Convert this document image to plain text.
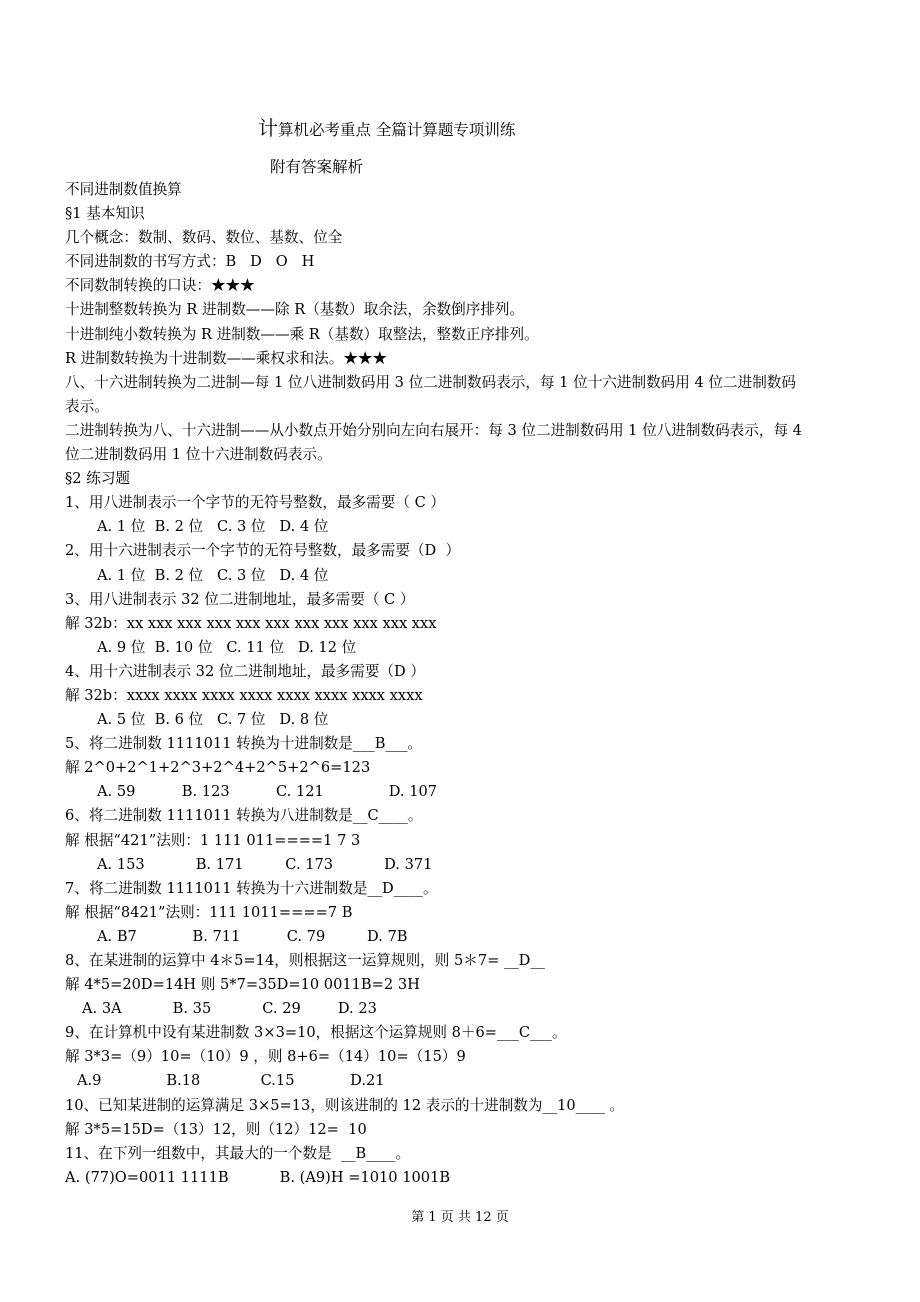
计算机必考重点 全篇计算题专项训练
附有答案解析
不同进制数值换算
§1 基本知识
几个概念：数制、数码、数位、基数、位全
不同进制数的书写方式：B   D   O   H
不同数制转换的口诀：★★★
十进制整数转换为 R 进制数——除 R（基数）取余法，余数倒序排列。
十进制纯小数转换为 R 进制数——乘 R（基数）取整法，整数正序排列。
R 进制数转换为十进制数——乘权求和法。★★★
八、十六进制转换为二进制—每 1 位八进制数码用 3 位二进制数码表示，每 1 位十六进制数码用 4 位二进制数码
表示。
二进制转换为八、十六进制——从小数点开始分别向左向右展开：每 3 位二进制数码用 1 位八进制数码表示，每 4
位二进制数码用 1 位十六进制数码表示。
§2 练习题
1、用八进制表示一个字节的无符号整数，最多需要（ C ）
A. 1 位  B. 2 位   C. 3 位   D. 4 位
2、用十六进制表示一个字节的无符号整数，最多需要（D  ）
A. 1 位  B. 2 位   C. 3 位   D. 4 位
3、用八进制表示 32 位二进制地址，最多需要（ C ）
解 32b：xx xxx xxx xxx xxx xxx xxx xxx xxx xxx xxx
A. 9 位  B. 10 位   C. 11 位   D. 12 位
4、用十六进制表示 32 位二进制地址，最多需要（D ）
解 32b：xxxx xxxx xxxx xxxx xxxx xxxx xxxx xxxx
A. 5 位  B. 6 位   C. 7 位   D. 8 位
5、将二进制数 1111011 转换为十进制数是___B___。
解 2^0+2^1+2^3+2^4+2^5+2^6=123
A. 59          B. 123          C. 121              D. 107
6、将二进制数 1111011 转换为八进制数是__C____。
解 根据“421”法则：1 111 011====1 7 3
A. 153           B. 171         C. 173           D. 371
7、将二进制数 1111011 转换为十六进制数是__D____。
解 根据“8421”法则：111 1011====7 B
A. B7            B. 711          C. 79         D. 7B
8、在某进制的运算中 4＊5=14，则根据这一运算规则，则 5＊7= __D__
解 4*5=20D=14H 则 5*7=35D=10 0011B=2 3H
A. 3A           B. 35           C. 29        D. 23
9、在计算机中设有某进制数 3×3=10，根据这个运算规则 8＋6=___C___。
解 3*3=（9）10=（10）9 ，则 8+6=（14）10=（15）9
A.9              B.18             C.15            D.21
10、已知某进制的运算满足 3×5=13，则该进制的 12 表示的十进制数为__10____ 。
解 3*5=15D=（13）12，则（12）12=  10
11、在下列一组数中，其最大的一个数是  __B____。
A. (77)O=0011 1111B           B. (A9)H =1010 1001B
第 1 页 共 12 页
